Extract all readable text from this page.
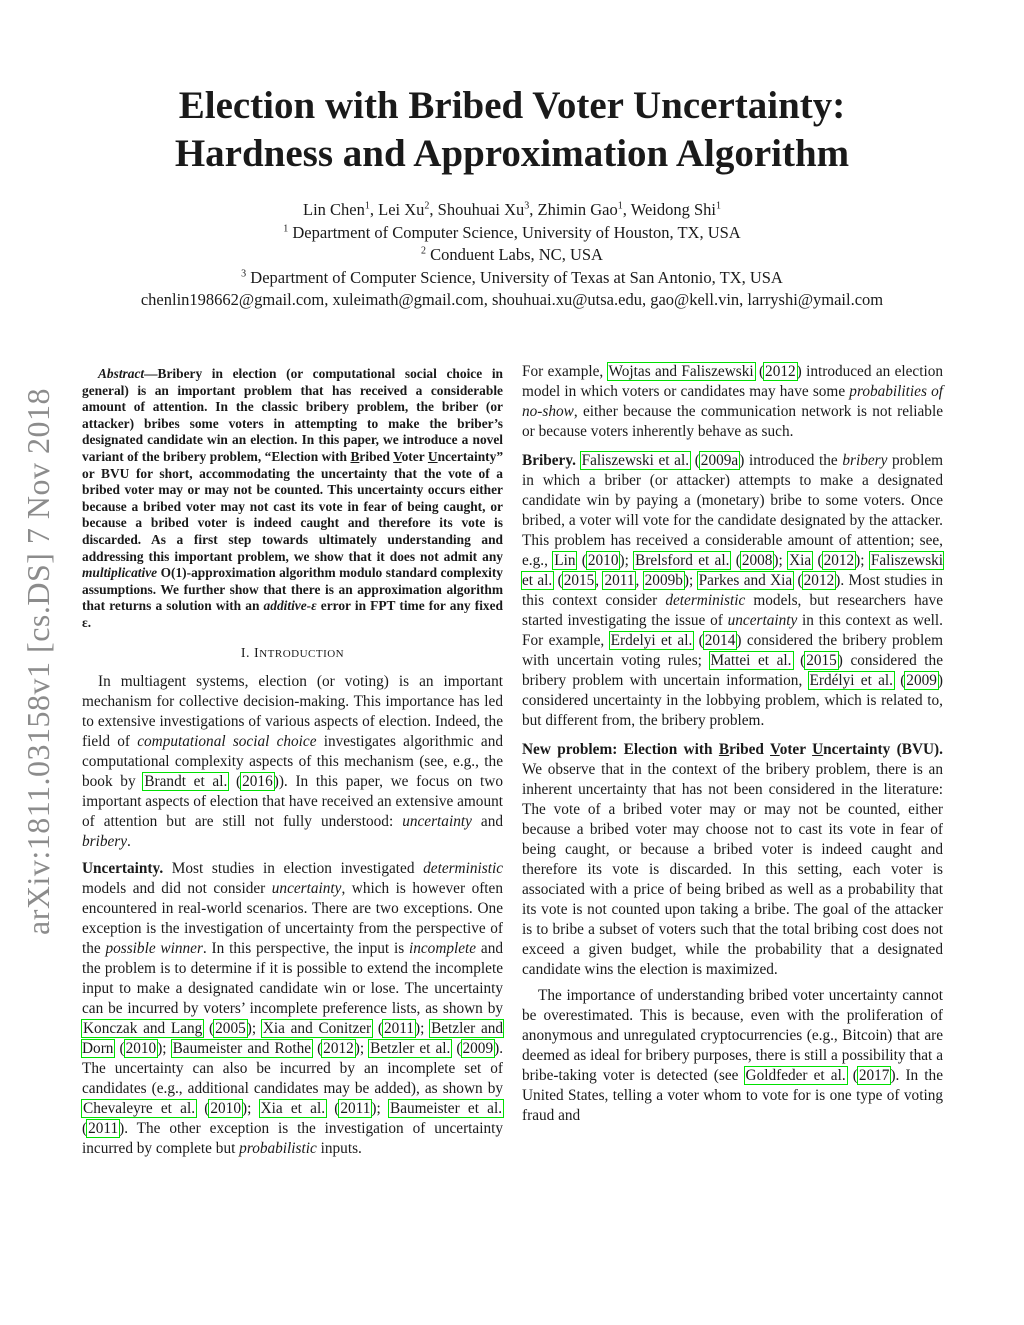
Election with Bribed Voter Uncertainty:
Hardness and Approximation Algorithm
Lin Chen$^1$, Lei Xu$^2$, Shouhuai Xu$^3$, Zhimin Gao$^1$, Weidong Shi$^1$
$^1$ Department of Computer Science, University of Houston, TX, USA
$^2$ Conduent Labs, NC, USA
$^3$ Department of Computer Science, University of Texas at San Antonio, TX, USA
chenlin198662@gmail.com, xuleimath@gmail.com, shouhuai.xu@utsa.edu, gao@kell.vin, larryshi@ymail.com
arXiv:1811.03158v1 [cs.DS] 7 Nov 2018

Abstract—Bribery in election (or computational social choice in general) is an important problem that has received a considerable amount of attention. In the classic bribery problem, the briber (or attacker) bribes some voters in attempting to make the briber’s designated candidate win an election. In this paper, we introduce a novel variant of the bribery problem, “Election with Bribed Voter Uncertainty” or BVU for short, accommodating the uncertainty that the vote of a bribed voter may or may not be counted. This uncertainty occurs either because a bribed voter may not cast its vote in fear of being caught, or because a bribed voter is indeed caught and therefore its vote is discarded. As a first step towards ultimately understanding and addressing this important problem, we show that it does not admit any multiplicative O(1)-approximation algorithm modulo standard complexity assumptions. We further show that there is an approximation algorithm that returns a solution with an additive-ε error in FPT time for any fixed ε.

I. INTRODUCTION

In multiagent systems, election (or voting) is an important mechanism for collective decision-making. This importance has led to extensive investigations of various aspects of election. Indeed, the field of computational social choice investigates algorithmic and computational complexity aspects of this mechanism (see, e.g., the book by Brandt et al. (2016)). In this paper, we focus on two important aspects of election that have received an extensive amount of attention but are still not fully understood: uncertainty and bribery.

Uncertainty. Most studies in election investigated deterministic models and did not consider uncertainty, which is however often encountered in real-world scenarios. There are two exceptions. One exception is the investigation of uncertainty from the perspective of the possible winner. In this perspective, the input is incomplete and the problem is to determine if it is possible to extend the incomplete input to make a designated candidate win or lose. The uncertainty can be incurred by voters’ incomplete preference lists, as shown by Konczak and Lang (2005); Xia and Conitzer (2011); Betzler and Dorn (2010); Baumeister and Rothe (2012); Betzler et al. (2009). The uncertainty can also be incurred by an incomplete set of candidates (e.g., additional candidates may be added), as shown by Chevaleyre et al. (2010); Xia et al. (2011); Baumeister et al. (2011). The other exception is the investigation of uncertainty incurred by complete but probabilistic inputs.

For example, Wojtas and Faliszewski (2012) introduced an election model in which voters or candidates may have some probabilities of no-show, either because the communication network is not reliable or because voters inherently behave as such.

Bribery. Faliszewski et al. (2009a) introduced the bribery problem in which a briber (or attacker) attempts to make a designated candidate win by paying a (monetary) bribe to some voters. Once bribed, a voter will vote for the candidate designated by the attacker. This problem has received a considerable amount of attention; see, e.g., Lin (2010); Brelsford et al. (2008); Xia (2012); Faliszewski et al. (2015, 2011, 2009b); Parkes and Xia (2012). Most studies in this context consider deterministic models, but researchers have started investigating the issue of uncertainty in this context as well. For example, Erdelyi et al. (2014) considered the bribery problem with uncertain voting rules; Mattei et al. (2015) considered the bribery problem with uncertain information, Erdélyi et al. (2009) considered uncertainty in the lobbying problem, which is related to, but different from, the bribery problem.

New problem: Election with Bribed Voter Uncertainty (BVU). We observe that in the context of the bribery problem, there is an inherent uncertainty that has not been considered in the literature: The vote of a bribed voter may or may not be counted, either because a bribed voter may choose not to cast its vote in fear of being caught, or because a bribed voter is indeed caught and therefore its vote is discarded. In this setting, each voter is associated with a price of being bribed as well as a probability that its vote is not counted upon taking a bribe. The goal of the attacker is to bribe a subset of voters such that the total bribing cost does not exceed a given budget, while the probability that a designated candidate wins the election is maximized.

The importance of understanding bribed voter uncertainty cannot be overestimated. This is because, even with the proliferation of anonymous and unregulated cryptocurrencies (e.g., Bitcoin) that are deemed as ideal for bribery purposes, there is still a possibility that a bribe-taking voter is detected (see Goldfeder et al. (2017). In the United States, telling a voter whom to vote for is one type of voting fraud and
